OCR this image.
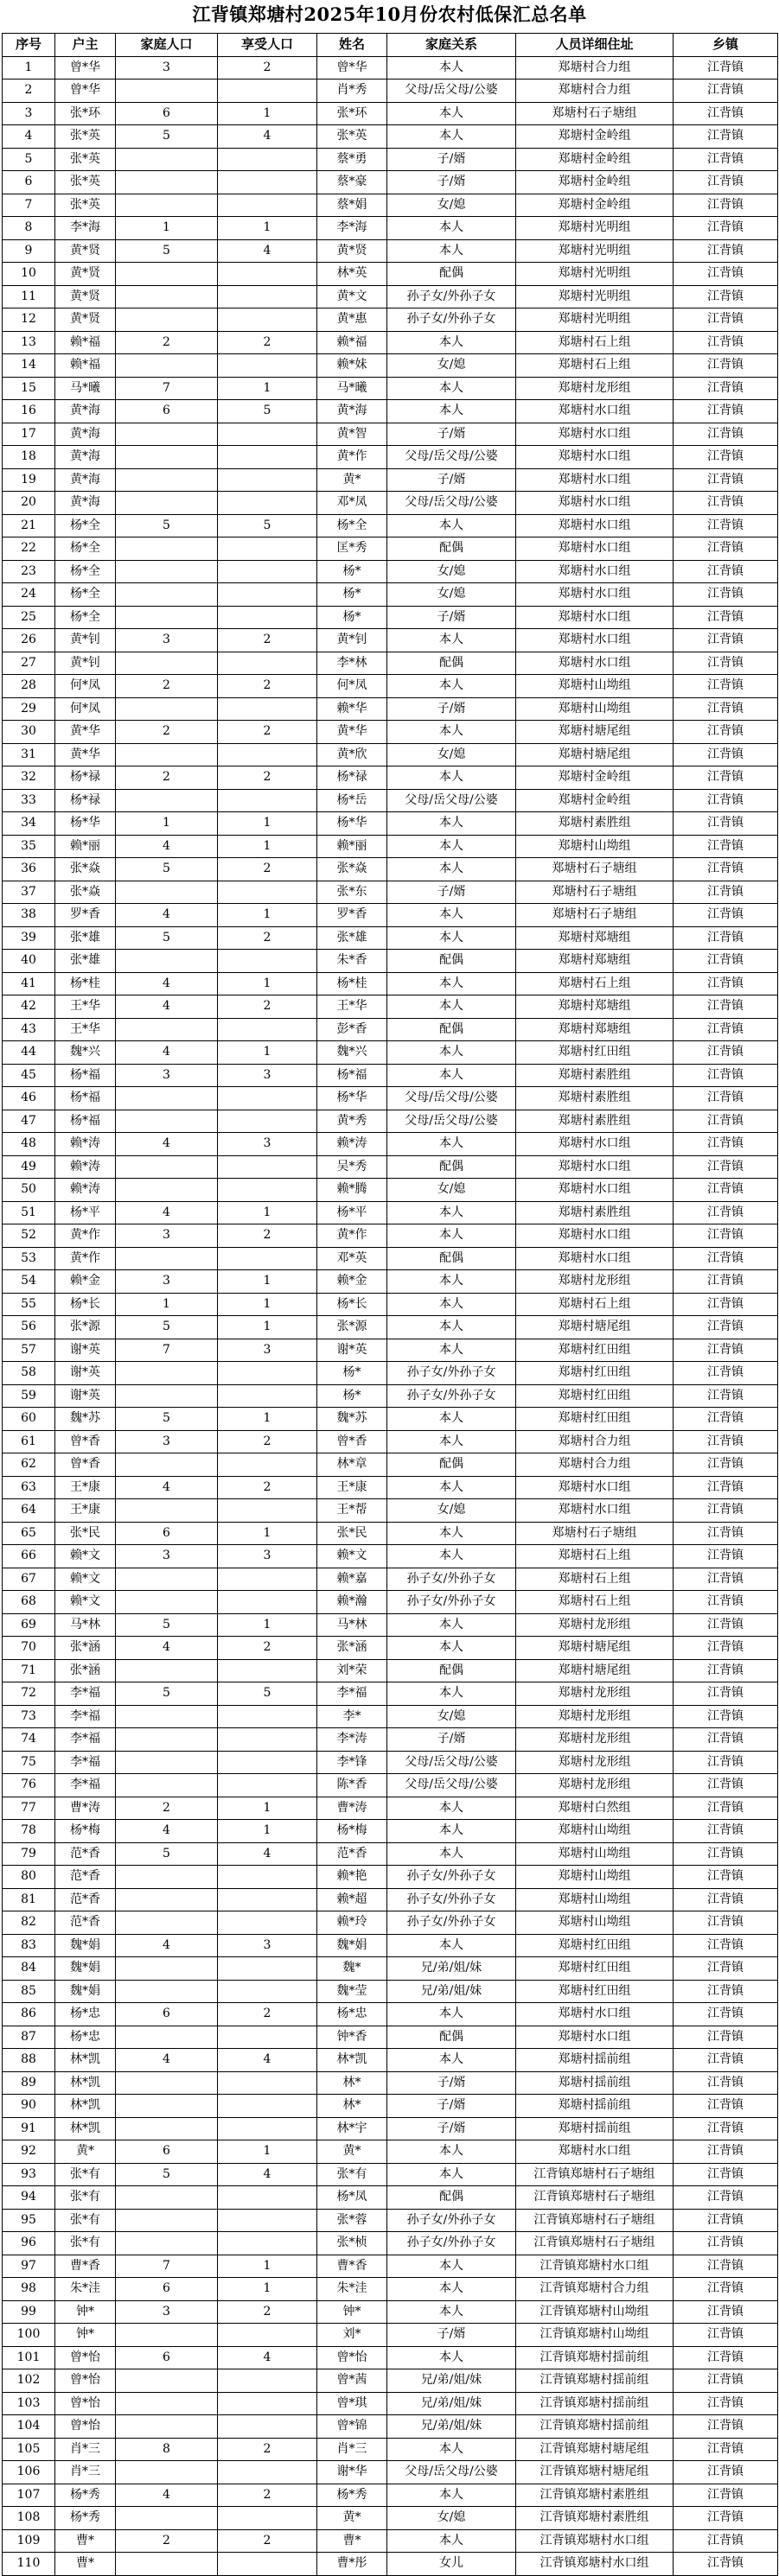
江背镇郑塘村2025年10月份农村低保汇总名单
序号	户主	家庭人口	享受人口	姓名	家庭关系	人员详细住址	乡镇
1	曾*华	3	2	曾*华	本人	郑塘村合力组	江背镇
2	曾*华			肖*秀	父母/岳父母/公婆	郑塘村合力组	江背镇
3	张*环	6	1	张*环	本人	郑塘村石子塘组	江背镇
4	张*英	5	4	张*英	本人	郑塘村金岭组	江背镇
5	张*英			蔡*勇	子/婿	郑塘村金岭组	江背镇
6	张*英			蔡*豪	子/婿	郑塘村金岭组	江背镇
7	张*英			蔡*娟	女/媳	郑塘村金岭组	江背镇
8	李*海	1	1	李*海	本人	郑塘村光明组	江背镇
9	黄*贤	5	4	黄*贤	本人	郑塘村光明组	江背镇
10	黄*贤			林*英	配偶	郑塘村光明组	江背镇
11	黄*贤			黄*文	孙子女/外孙子女	郑塘村光明组	江背镇
12	黄*贤			黄*惠	孙子女/外孙子女	郑塘村光明组	江背镇
13	赖*福	2	2	赖*福	本人	郑塘村石上组	江背镇
14	赖*福			赖*妹	女/媳	郑塘村石上组	江背镇
15	马*曦	7	1	马*曦	本人	郑塘村龙形组	江背镇
16	黄*海	6	5	黄*海	本人	郑塘村水口组	江背镇
17	黄*海			黄*智	子/婿	郑塘村水口组	江背镇
18	黄*海			黄*作	父母/岳父母/公婆	郑塘村水口组	江背镇
19	黄*海			黄*	子/婿	郑塘村水口组	江背镇
20	黄*海			邓*凤	父母/岳父母/公婆	郑塘村水口组	江背镇
21	杨*全	5	5	杨*全	本人	郑塘村水口组	江背镇
22	杨*全			匡*秀	配偶	郑塘村水口组	江背镇
23	杨*全			杨*	女/媳	郑塘村水口组	江背镇
24	杨*全			杨*	女/媳	郑塘村水口组	江背镇
25	杨*全			杨*	子/婿	郑塘村水口组	江背镇
26	黄*钊	3	2	黄*钊	本人	郑塘村水口组	江背镇
27	黄*钊			李*林	配偶	郑塘村水口组	江背镇
28	何*凤	2	2	何*凤	本人	郑塘村山坳组	江背镇
29	何*凤			赖*华	子/婿	郑塘村山坳组	江背镇
30	黄*华	2	2	黄*华	本人	郑塘村塘尾组	江背镇
31	黄*华			黄*欣	女/媳	郑塘村塘尾组	江背镇
32	杨*禄	2	2	杨*禄	本人	郑塘村金岭组	江背镇
33	杨*禄			杨*岳	父母/岳父母/公婆	郑塘村金岭组	江背镇
34	杨*华	1	1	杨*华	本人	郑塘村素胜组	江背镇
35	赖*丽	4	1	赖*丽	本人	郑塘村山坳组	江背镇
36	张*焱	5	2	张*焱	本人	郑塘村石子塘组	江背镇
37	张*焱			张*东	子/婿	郑塘村石子塘组	江背镇
38	罗*香	4	1	罗*香	本人	郑塘村石子塘组	江背镇
39	张*雄	5	2	张*雄	本人	郑塘村郑塘组	江背镇
40	张*雄			朱*香	配偶	郑塘村郑塘组	江背镇
41	杨*桂	4	1	杨*桂	本人	郑塘村石上组	江背镇
42	王*华	4	2	王*华	本人	郑塘村郑塘组	江背镇
43	王*华			彭*香	配偶	郑塘村郑塘组	江背镇
44	魏*兴	4	1	魏*兴	本人	郑塘村红田组	江背镇
45	杨*福	3	3	杨*福	本人	郑塘村素胜组	江背镇
46	杨*福			杨*华	父母/岳父母/公婆	郑塘村素胜组	江背镇
47	杨*福			黄*秀	父母/岳父母/公婆	郑塘村素胜组	江背镇
48	赖*涛	4	3	赖*涛	本人	郑塘村水口组	江背镇
49	赖*涛			吴*秀	配偶	郑塘村水口组	江背镇
50	赖*涛			赖*腾	女/媳	郑塘村水口组	江背镇
51	杨*平	4	1	杨*平	本人	郑塘村素胜组	江背镇
52	黄*作	3	2	黄*作	本人	郑塘村水口组	江背镇
53	黄*作			邓*英	配偶	郑塘村水口组	江背镇
54	赖*金	3	1	赖*金	本人	郑塘村龙形组	江背镇
55	杨*长	1	1	杨*长	本人	郑塘村石上组	江背镇
56	张*源	5	1	张*源	本人	郑塘村塘尾组	江背镇
57	谢*英	7	3	谢*英	本人	郑塘村红田组	江背镇
58	谢*英			杨*	孙子女/外孙子女	郑塘村红田组	江背镇
59	谢*英			杨*	孙子女/外孙子女	郑塘村红田组	江背镇
60	魏*苏	5	1	魏*苏	本人	郑塘村红田组	江背镇
61	曾*香	3	2	曾*香	本人	郑塘村合力组	江背镇
62	曾*香			林*章	配偶	郑塘村合力组	江背镇
63	王*康	4	2	王*康	本人	郑塘村水口组	江背镇
64	王*康			王*帮	女/媳	郑塘村水口组	江背镇
65	张*民	6	1	张*民	本人	郑塘村石子塘组	江背镇
66	赖*文	3	3	赖*文	本人	郑塘村石上组	江背镇
67	赖*文			赖*嘉	孙子女/外孙子女	郑塘村石上组	江背镇
68	赖*文			赖*瀚	孙子女/外孙子女	郑塘村石上组	江背镇
69	马*林	5	1	马*林	本人	郑塘村龙形组	江背镇
70	张*涵	4	2	张*涵	本人	郑塘村塘尾组	江背镇
71	张*涵			刘*荣	配偶	郑塘村塘尾组	江背镇
72	李*福	5	5	李*福	本人	郑塘村龙形组	江背镇
73	李*福			李*	女/媳	郑塘村龙形组	江背镇
74	李*福			李*涛	子/婿	郑塘村龙形组	江背镇
75	李*福			李*锋	父母/岳父母/公婆	郑塘村龙形组	江背镇
76	李*福			陈*香	父母/岳父母/公婆	郑塘村龙形组	江背镇
77	曹*涛	2	1	曹*涛	本人	郑塘村白然组	江背镇
78	杨*梅	4	1	杨*梅	本人	郑塘村山坳组	江背镇
79	范*香	5	4	范*香	本人	郑塘村山坳组	江背镇
80	范*香			赖*艳	孙子女/外孙子女	郑塘村山坳组	江背镇
81	范*香			赖*超	孙子女/外孙子女	郑塘村山坳组	江背镇
82	范*香			赖*玲	孙子女/外孙子女	郑塘村山坳组	江背镇
83	魏*娟	4	3	魏*娟	本人	郑塘村红田组	江背镇
84	魏*娟			魏*	兄/弟/姐/妹	郑塘村红田组	江背镇
85	魏*娟			魏*莹	兄/弟/姐/妹	郑塘村红田组	江背镇
86	杨*忠	6	2	杨*忠	本人	郑塘村水口组	江背镇
87	杨*忠			钟*香	配偶	郑塘村水口组	江背镇
88	林*凯	4	4	林*凯	本人	郑塘村揺前组	江背镇
89	林*凯			林*	子/婿	郑塘村揺前组	江背镇
90	林*凯			林*	子/婿	郑塘村揺前组	江背镇
91	林*凯			林*宇	子/婿	郑塘村揺前组	江背镇
92	黄*	6	1	黄*	本人	郑塘村水口组	江背镇
93	张*有	5	4	张*有	本人	江背镇郑塘村石子塘组	江背镇
94	张*有			杨*凤	配偶	江背镇郑塘村石子塘组	江背镇
95	张*有			张*蓉	孙子女/外孙子女	江背镇郑塘村石子塘组	江背镇
96	张*有			张*桢	孙子女/外孙子女	江背镇郑塘村石子塘组	江背镇
97	曹*香	7	1	曹*香	本人	江背镇郑塘村水口组	江背镇
98	朱*洼	6	1	朱*洼	本人	江背镇郑塘村合力组	江背镇
99	钟*	3	2	钟*	本人	江背镇郑塘村山坳组	江背镇
100	钟*			刘*	子/婿	江背镇郑塘村山坳组	江背镇
101	曾*怡	6	4	曾*怡	本人	江背镇郑塘村揺前组	江背镇
102	曾*怡			曾*茜	兄/弟/姐/妹	江背镇郑塘村揺前组	江背镇
103	曾*怡			曾*琪	兄/弟/姐/妹	江背镇郑塘村揺前组	江背镇
104	曾*怡			曾*锦	兄/弟/姐/妹	江背镇郑塘村揺前组	江背镇
105	肖*三	8	2	肖*三	本人	江背镇郑塘村塘尾组	江背镇
106	肖*三			谢*华	父母/岳父母/公婆	江背镇郑塘村塘尾组	江背镇
107	杨*秀	4	2	杨*秀	本人	江背镇郑塘村素胜组	江背镇
108	杨*秀			黄*	女/媳	江背镇郑塘村素胜组	江背镇
109	曹*	2	2	曹*	本人	江背镇郑塘村水口组	江背镇
110	曹*			曹*彤	女儿	江背镇郑塘村水口组	江背镇
